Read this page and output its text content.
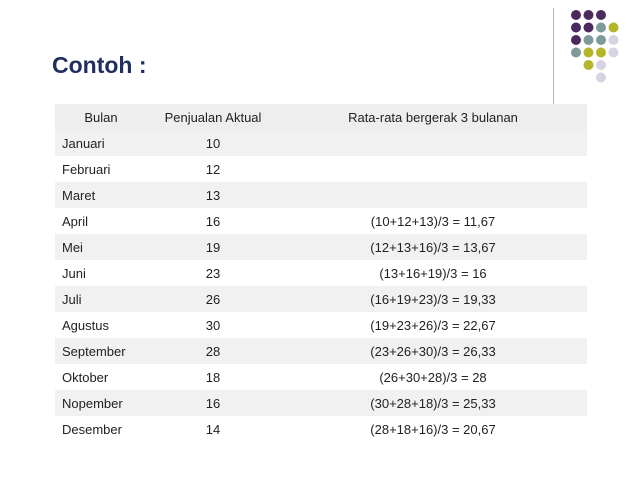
Contoh :
Bulan	Penjualan Aktual	Rata-rata bergerak 3 bulanan
Januari	10
Februari	12
Maret	13
April	16	(10+12+13)/3 = 11,67
Mei	19	(12+13+16)/3 = 13,67
Juni	23	(13+16+19)/3 = 16
Juli	26	(16+19+23)/3 = 19,33
Agustus	30	(19+23+26)/3 = 22,67
September	28	(23+26+30)/3 = 26,33
Oktober	18	(26+30+28)/3 = 28
Nopember	16	(30+28+18)/3 = 25,33
Desember	14	(28+18+16)/3 = 20,67
